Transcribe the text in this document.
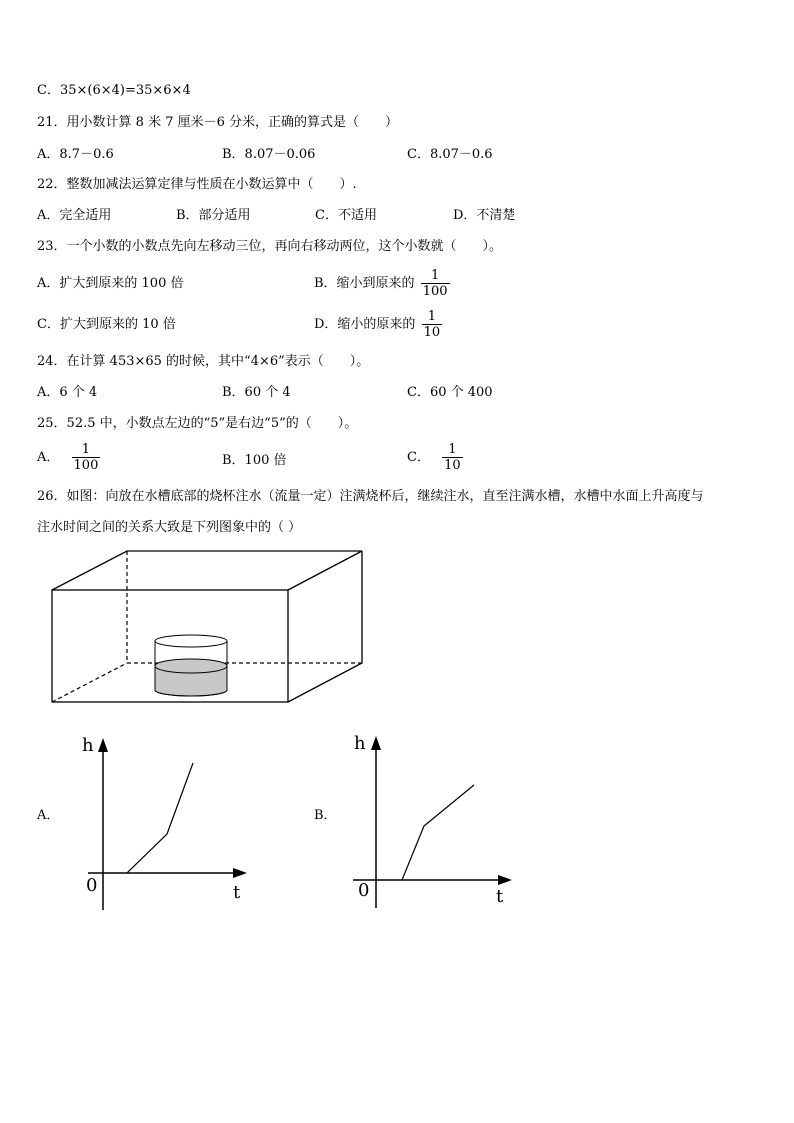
C．35×(6×4)=35×6×4
21．用小数计算 8 米 7 厘米－6 分米，正确的算式是（　　）
A．8.7－0.6	B．8.07－0.06	C．8.07－0.6
22．整数加减法运算定律与性质在小数运算中（　　）.
A．完全适用	B．部分适用	C．不适用	D．不清楚
23．一个小数的小数点先向左移动三位，再向右移动两位，这个小数就（　　）。
A．扩大到原来的 100 倍	B．缩小到原来的 $\frac{1}{100}$
C．扩大到原来的 10 倍	D．缩小的原来的 $\frac{1}{10}$
24．在计算 453×65 的时候，其中“4×6”表示（　　）。
A．6 个 4	B．60 个 4	C．60 个 400
25．52.5 中，小数点左边的“5”是右边“5”的（　　）。
A． $\frac{1}{100}$	B．100 倍	C． $\frac{1}{10}$
26．如图：向放在水槽底部的烧杯注水（流量一定）注满烧杯后，继续注水，直至注满水槽，水槽中水面上升高度与
注水时间之间的关系大致是下列图象中的（ ）
A．
h
t
0
B．
h
t
0
